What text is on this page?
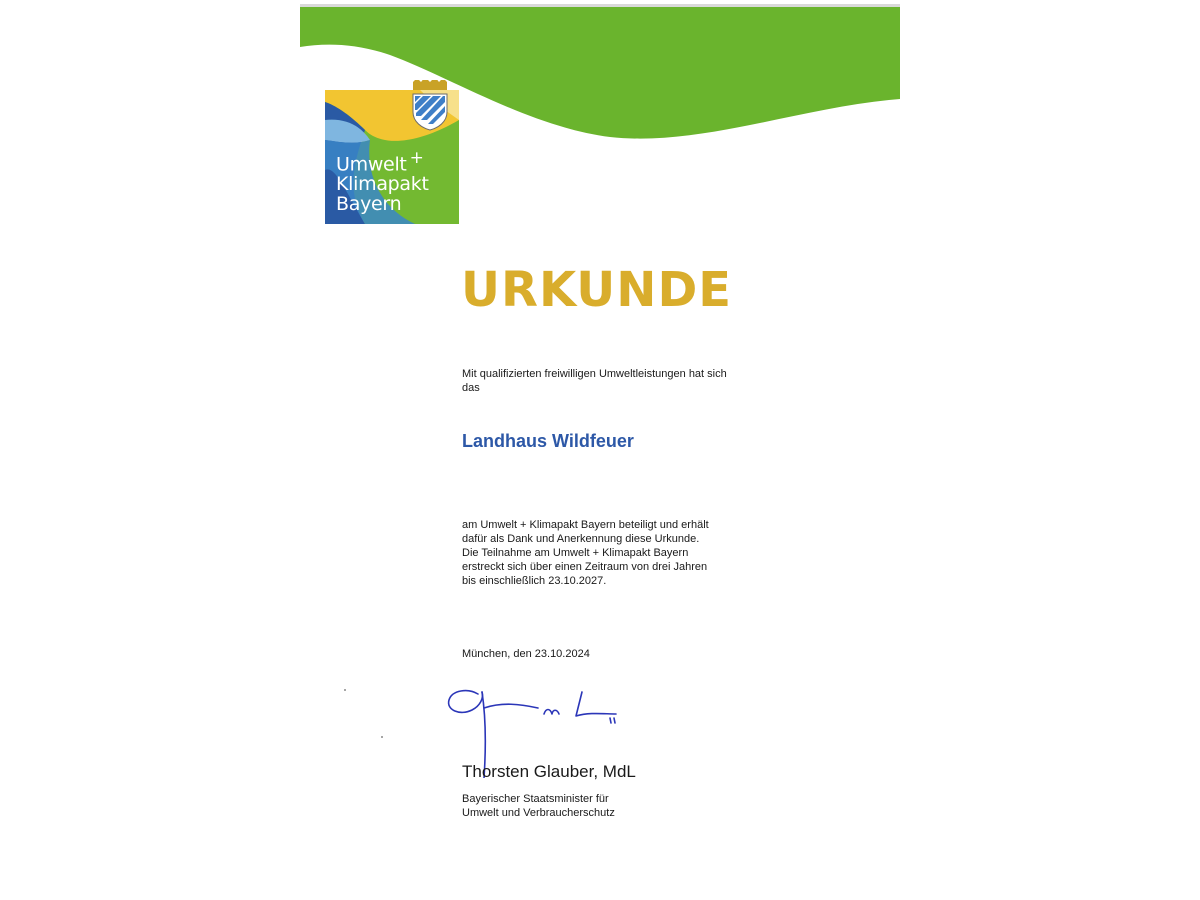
Umwelt +
Klimapakt
Bayern
URKUNDE
Mit qualifizierten freiwilligen Umweltleistungen hat sich
das
Landhaus Wildfeuer
am Umwelt + Klimapakt Bayern beteiligt und erhält
dafür als Dank und Anerkennung diese Urkunde.
Die Teilnahme am Umwelt + Klimapakt Bayern
erstreckt sich über einen Zeitraum von drei Jahren
bis einschließlich 23.10.2027.
München, den 23.10.2024
Thorsten Glauber, MdL
Bayerischer Staatsminister für
Umwelt und Verbraucherschutz
